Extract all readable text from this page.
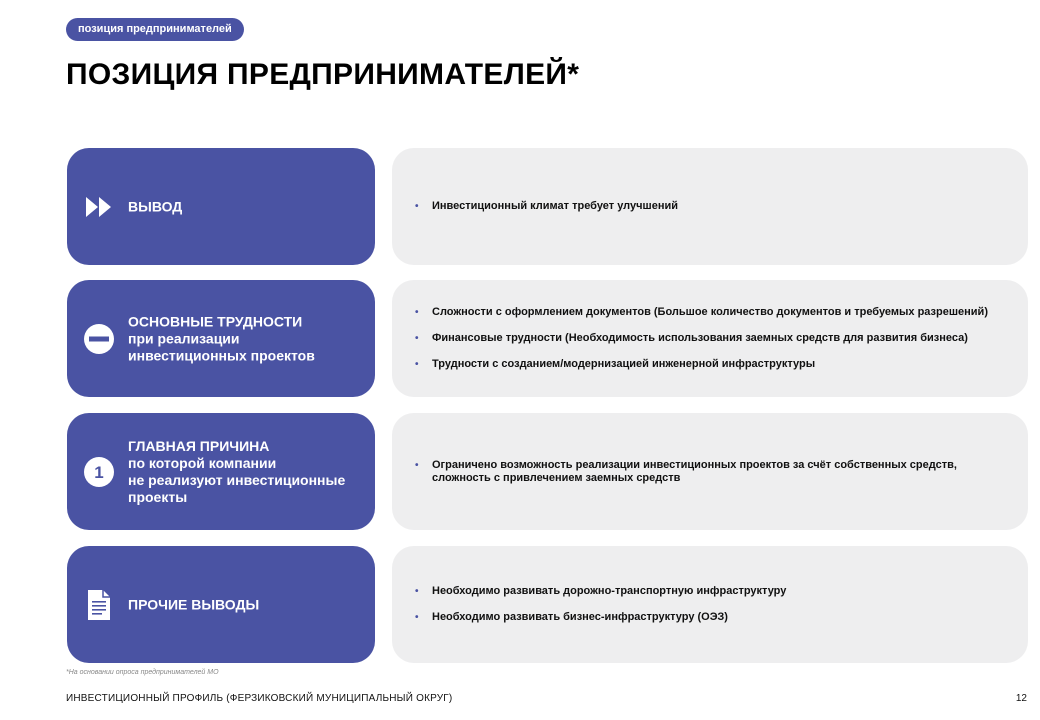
позиция предпринимателей
ПОЗИЦИЯ ПРЕДПРИНИМАТЕЛЕЙ*
ВЫВОД
•	Инвестиционный климат требует улучшений
ОСНОВНЫЕ ТРУДНОСТИ
при реализации
инвестиционных проектов
• Сложности с оформлением документов (Большое количество документов и требуемых разрешений)
• Финансовые трудности (Необходимость использования заемных средств для развития бизнеса)
• Трудности с созданием/модернизацией инженерной инфраструктуры
1
ГЛАВНАЯ ПРИЧИНА
по которой компании
не реализуют инвестиционные
проекты
• Ограничено возможность реализации инвестиционных проектов за счёт собственных средств, сложность с привлечением заемных средств
ПРОЧИЕ ВЫВОДЫ
• Необходимо развивать дорожно-транспортную инфраструктуру
• Необходимо развивать бизнес-инфраструктуру (ОЭЗ)
*На основании опроса предпринимателей МО
ИНВЕСТИЦИОННЫЙ ПРОФИЛЬ (ФЕРЗИКОВСКИЙ МУНИЦИПАЛЬНЫЙ ОКРУГ)	12
